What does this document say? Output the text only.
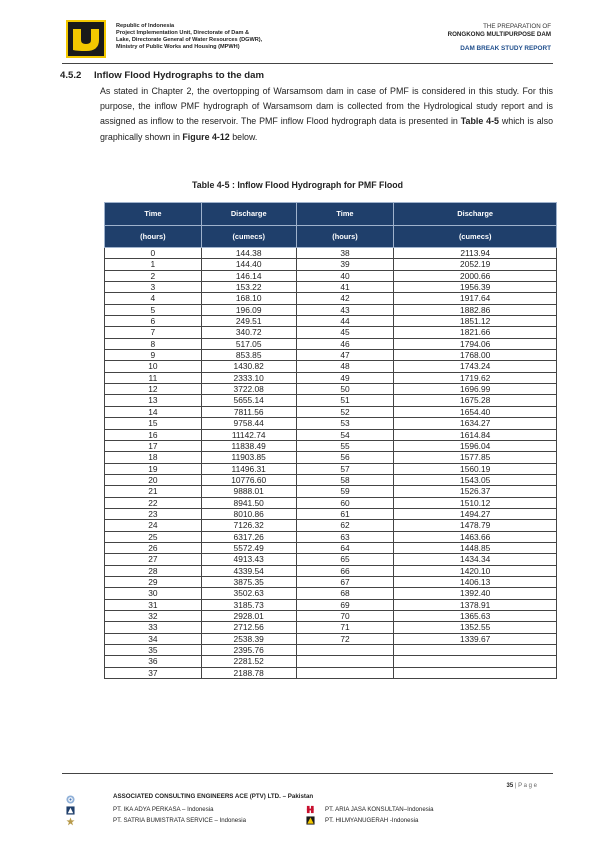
Republic of Indonesia
Project Implementation Unit, Directorate of Dam &
Lake, Directorate General of Water Resources (DGWR),
Ministry of Public Works and Housing (MPWH)
THE PREPARATION OF
RONGKONG MULTIPURPOSE DAM
DAM BREAK STUDY REPORT
4.5.2 Inflow Flood Hydrographs to the dam
As stated in Chapter 2, the overtopping of Warsamsom dam in case of PMF is considered in this study. For this purpose, the inflow PMF hydrograph of Warsamsom dam is collected from the Hydrological study report and is assigned as inflow to the reservoir. The PMF inflow Flood hydrograph data is presented in Table 4-5 which is also graphically shown in Figure 4-12 below.
Table 4-5 : Inflow Flood Hydrograph for PMF Flood
Time	Discharge	Time	Discharge
(hours)	(cumecs)	(hours)	(cumecs)
0	144.38	38	2113.94
1	144.40	39	2052.19
2	146.14	40	2000.66
3	153.22	41	1956.39
4	168.10	42	1917.64
5	196.09	43	1882.86
6	249.51	44	1851.12
7	340.72	45	1821.66
8	517.05	46	1794.06
9	853.85	47	1768.00
10	1430.82	48	1743.24
11	2333.10	49	1719.62
12	3722.08	50	1696.99
13	5655.14	51	1675.28
14	7811.56	52	1654.40
15	9758.44	53	1634.27
16	11142.74	54	1614.84
17	11838.49	55	1596.04
18	11903.85	56	1577.85
19	11496.31	57	1560.19
20	10776.60	58	1543.05
21	9888.01	59	1526.37
22	8941.50	60	1510.12
23	8010.86	61	1494.27
24	7126.32	62	1478.79
25	6317.26	63	1463.66
26	5572.49	64	1448.85
27	4913.43	65	1434.34
28	4339.54	66	1420.10
29	3875.35	67	1406.13
30	3502.63	68	1392.40
31	3185.73	69	1378.91
32	2928.01	70	1365.63
33	2712.56	71	1352.55
34	2538.39	72	1339.67
35	2395.76		
36	2281.52		
37	2188.78		
35 | P a g e
ASSOCIATED CONSULTING ENGINEERS ACE (PTV) LTD. – Pakistan
PT. IKA ADYA PERKASA – Indonesia	PT. ARIA JASA KONSULTAN–Indonesia
PT. SATRIA BUMISTRATA SERVICE – Indonesia	PT. HILMYANUGERAH -Indonesia
